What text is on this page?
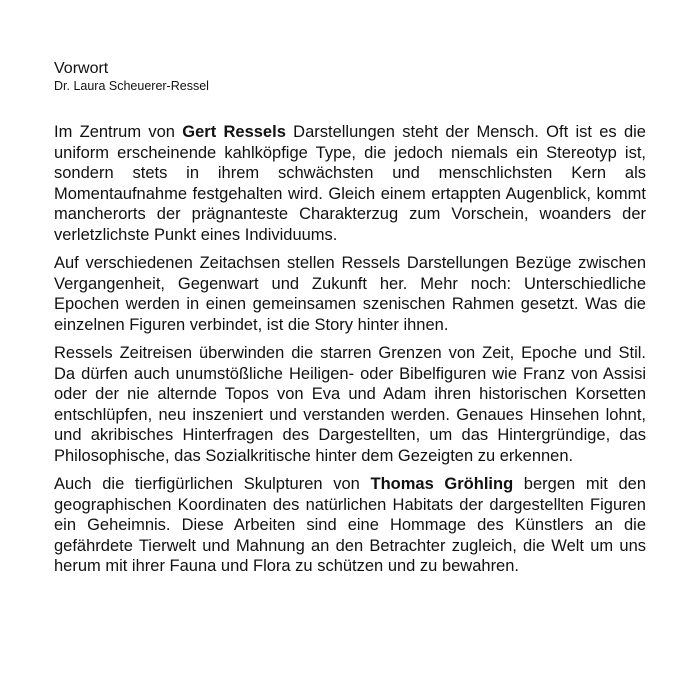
Vorwort
Dr. Laura Scheuerer-Ressel

Im Zentrum von Gert Ressels Darstellungen steht der Mensch. Oft ist es die uniform erscheinende kahlköpfige Type, die jedoch niemals ein Stereotyp ist, sondern stets in ihrem schwächsten und menschlichsten Kern als Momentaufnahme festgehalten wird. Gleich einem ertappten Augenblick, kommt mancherorts der prägnanteste Charakterzug zum Vorschein, woanders der verletzlichste Punkt eines Individuums.

Auf verschiedenen Zeitachsen stellen Ressels Darstellungen Bezüge zwischen Vergangenheit, Gegenwart und Zukunft her. Mehr noch: Unterschiedliche Epochen werden in einen gemeinsamen szenischen Rahmen gesetzt. Was die einzelnen Figuren verbindet, ist die Story hinter ihnen.

Ressels Zeitreisen überwinden die starren Grenzen von Zeit, Epoche und Stil. Da dürfen auch unumstößliche Heiligen- oder Bibelfiguren wie Franz von Assisi oder der nie alternde Topos von Eva und Adam ihren historischen Korsetten entschlüpfen, neu inszeniert und verstanden werden. Genaues Hinsehen lohnt, und akribisches Hinterfragen des Dargestellten, um das Hintergründige, das Philosophische, das Sozialkritische hinter dem Gezeigten zu erkennen.

Auch die tierfigürlichen Skulpturen von Thomas Gröhling bergen mit den geographischen Koordinaten des natürlichen Habitats der dargestellten Figuren ein Geheimnis. Diese Arbeiten sind eine Hommage des Künstlers an die gefährdete Tierwelt und Mahnung an den Betrachter zugleich, die Welt um uns herum mit ihrer Fauna und Flora zu schützen und zu bewahren.
